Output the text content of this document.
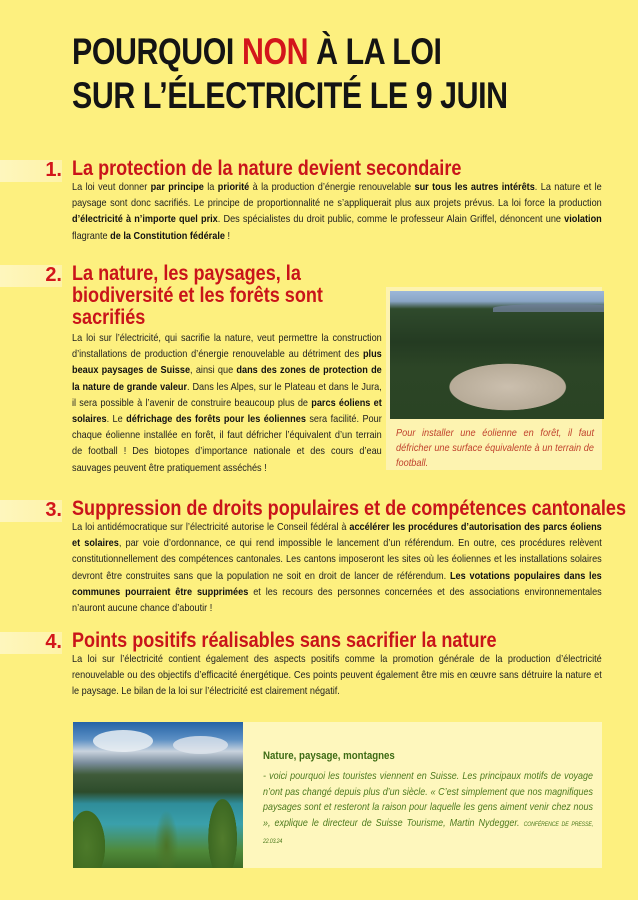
POURQUOI NON À LA LOI
SUR L’ÉLECTRICITÉ LE 9 JUIN
1. La protection de la nature devient secondaire
La loi veut donner par principe la priorité à la production d’énergie renouvelable sur tous les autres intérêts. La nature et le paysage sont donc sacrifiés. Le principe de proportionnalité ne s’appliquerait plus aux projets prévus. La loi force la production d’électricité à n’importe quel prix. Des spécialistes du droit public, comme le professeur Alain Griffel, dénoncent une violation flagrante de la Constitution fédérale !
2. La nature, les paysages, la biodiversité et les forêts sont sacrifiés
La loi sur l’électricité, qui sacrifie la nature, veut permettre la construction d’installations de production d’énergie renouvelable au détriment des plus beaux paysages de Suisse, ainsi que dans des zones de protection de la nature de grande valeur. Dans les Alpes, sur le Plateau et dans le Jura, il sera possible à l’avenir de construire beaucoup plus de parcs éoliens et solaires. Le défrichage des forêts pour les éoliennes sera facilité. Pour chaque éolienne installée en forêt, il faut défricher l’équivalent d’un terrain de football ! Des biotopes d’importance nationale et des cours d’eau sauvages peuvent être pratiquement asséchés !
Pour installer une éolienne en forêt, il faut défricher une surface équivalente à un terrain de football.
3. Suppression de droits populaires et de compétences cantonales
La loi antidémocratique sur l’électricité autorise le Conseil fédéral à accélérer les procédures d’autorisation des parcs éoliens et solaires, par voie d’ordonnance, ce qui rend impossible le lancement d’un référendum. En outre, ces procédures relèvent constitutionnellement des compétences cantonales. Les cantons imposeront les sites où les éoliennes et les installations solaires devront être construites sans que la population ne soit en droit de lancer de référendum. Les votations populaires dans les communes pourraient être supprimées et les recours des personnes concernées et des associations environnementales n’auront aucune chance d’aboutir !
4. Points positifs réalisables sans sacrifier la nature
La loi sur l’électricité contient également des aspects positifs comme la promotion générale de la production d’électricité renouvelable ou des objectifs d’efficacité énergétique. Ces points peuvent également être mis en œuvre sans détruire la nature et le paysage. Le bilan de la loi sur l’électricité est clairement négatif.
Nature, paysage, montagnes
- voici pourquoi les touristes viennent en Suisse. Les principaux motifs de voyage n’ont pas changé depuis plus d’un siècle. « C’est simplement que nos magnifiques paysages sont et resteront la raison pour laquelle les gens aiment venir chez nous », explique le directeur de Suisse Tourisme, Martin Nydegger. CONFÉRENCE DE PRESSE, 22.03.24
